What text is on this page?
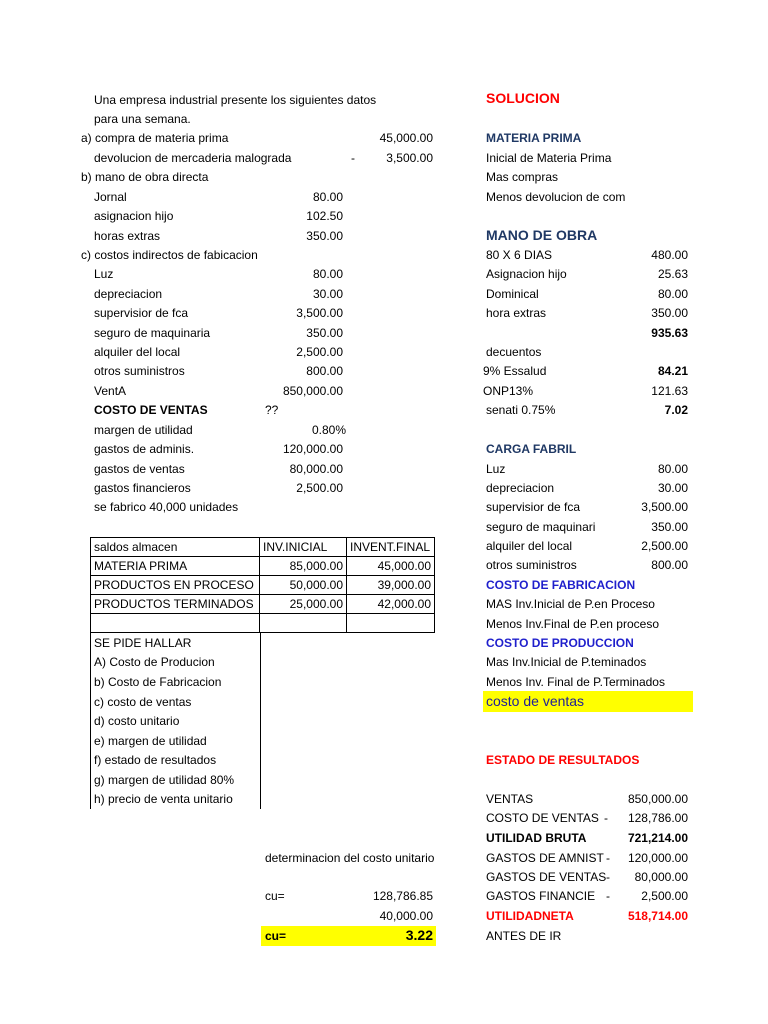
Una empresa industrial presente los siguientes datos
para una semana.
a) compra de materia prima	45,000.00
devolucion de mercaderia malograda	-	3,500.00
b) mano de obra directa
Jornal	80.00
asignacion hijo	102.50
horas extras	350.00
c) costos indirectos de fabicacion
Luz	80.00
depreciacion	30.00
supervisior de fca	3,500.00
seguro de maquinaria	350.00
alquiler del local	2,500.00
otros suministros	800.00
VentA	850,000.00
COSTO DE VENTAS	??
margen de utilidad	0.80%
gastos de adminis.	120,000.00
gastos de ventas	80,000.00
gastos financieros	2,500.00
se fabrico 40,000 unidades
saldos almacen	INV.INICIAL	INVENT.FINAL
MATERIA PRIMA	85,000.00	45,000.00
PRODUCTOS EN PROCESO	50,000.00	39,000.00
PRODUCTOS TERMINADOS	25,000.00	42,000.00

SE PIDE HALLAR
A) Costo de Producion
b) Costo de Fabricacion
c) costo de ventas
d) costo unitario
e) margen de utilidad
f) estado de resultados
g) margen de utilidad 80%
h) precio de venta unitario
determinacion del costo unitario
cu=	128,786.85
40,000.00
cu=	3.22
SOLUCION
MATERIA PRIMA
Inicial de Materia Prima
Mas compras
Menos devolucion de com
MANO DE OBRA
80 X 6 DIAS	480.00
Asignacion hijo	25.63
Dominical	80.00
hora extras	350.00
935.63
decuentos
9% Essalud	84.21
ONP13%	121.63
senati 0.75%	7.02
CARGA FABRIL
Luz	80.00
depreciacion	30.00
supervisior de fca	3,500.00
seguro de maquinari	350.00
alquiler del local	2,500.00
otros suministros	800.00
COSTO DE FABRICACION
MAS Inv.Inicial de P.en Proceso
Menos Inv.Final de P.en proceso
COSTO DE PRODUCCION
Mas Inv.Inicial de P.teminados
Menos Inv. Final de P.Terminados
costo de ventas
ESTADO DE RESULTADOS
VENTAS	850,000.00
COSTO DE VENTAS -	128,786.00
UTILIDAD BRUTA	721,214.00
GASTOS DE AMNIST -	120,000.00
GASTOS DE VENTAS -	80,000.00
GASTOS FINANCIE -	2,500.00
UTILIDADNETA	518,714.00
ANTES DE IR
